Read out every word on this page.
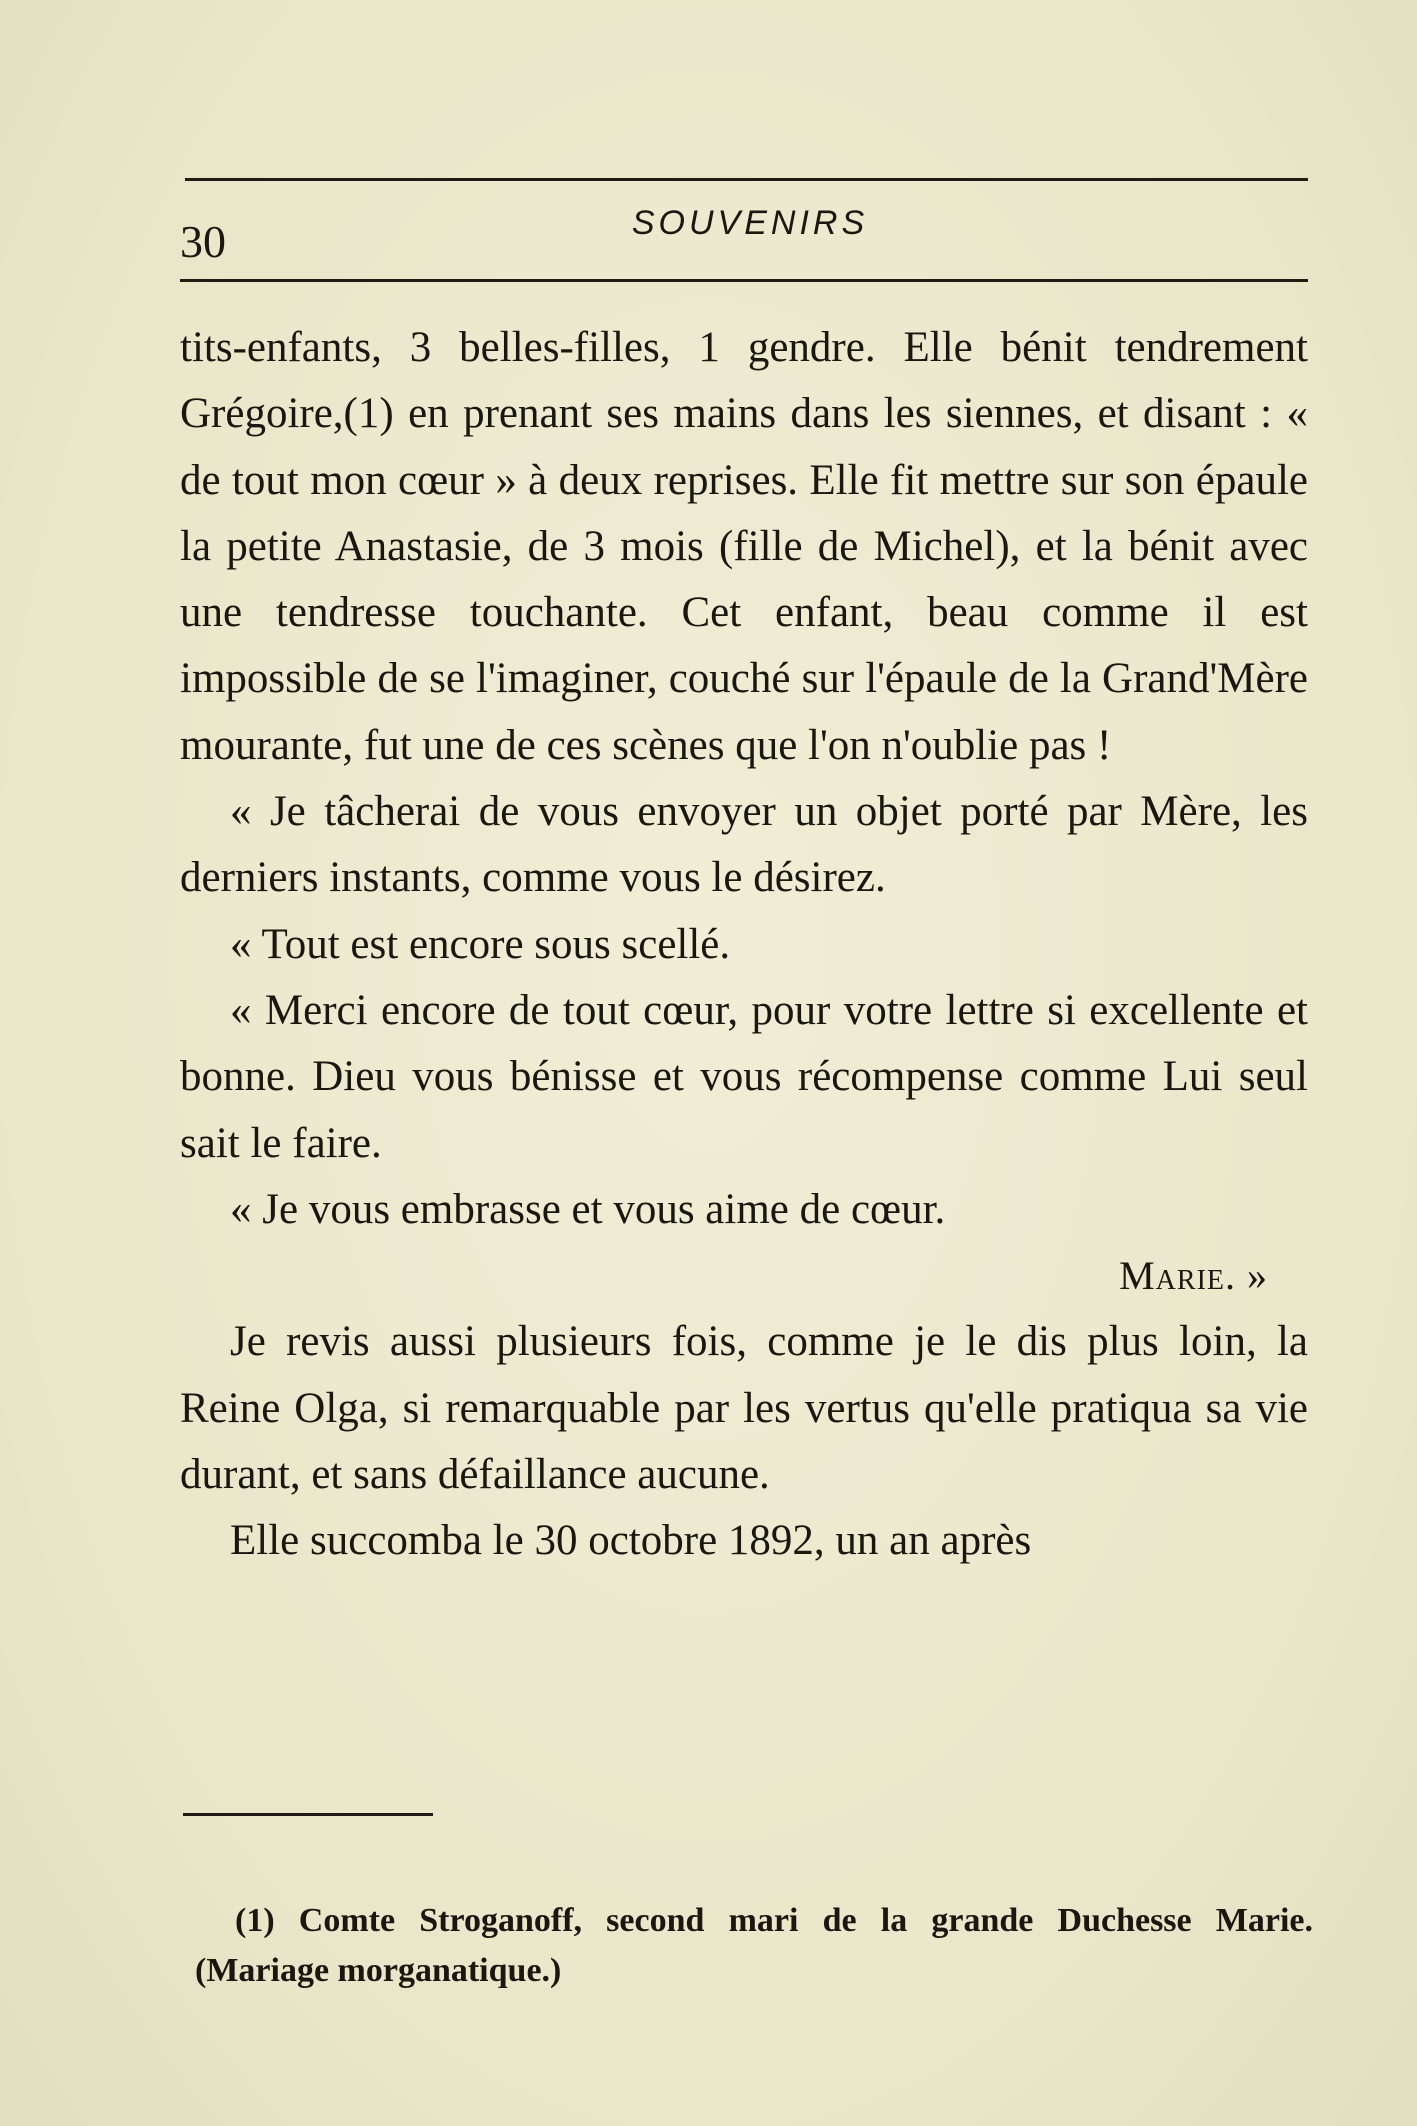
30	SOUVENIRS

tits-enfants, 3 belles-filles, 1 gendre. Elle bénit tendrement Grégoire,(1) en prenant ses mains dans les siennes, et disant : « de tout mon cœur » à deux reprises. Elle fit mettre sur son épaule la petite Anastasie, de 3 mois (fille de Michel), et la bénit avec une tendresse touchante. Cet enfant, beau comme il est impossible de se l'imaginer, couché sur l'épaule de la Grand'Mère mourante, fut une de ces scènes que l'on n'oublie pas !

« Je tâcherai de vous envoyer un objet porté par Mère, les derniers instants, comme vous le désirez.

« Tout est encore sous scellé.

« Merci encore de tout cœur, pour votre lettre si excellente et bonne. Dieu vous bénisse et vous récompense comme Lui seul sait le faire.

« Je vous embrasse et vous aime de cœur.

Marie. »

Je revis aussi plusieurs fois, comme je le dis plus loin, la Reine Olga, si remarquable par les vertus qu'elle pratiqua sa vie durant, et sans défaillance aucune.

Elle succomba le 30 octobre 1892, un an après

(1) Comte Stroganoff, second mari de la grande Duchesse Marie. (Mariage morganatique.)
